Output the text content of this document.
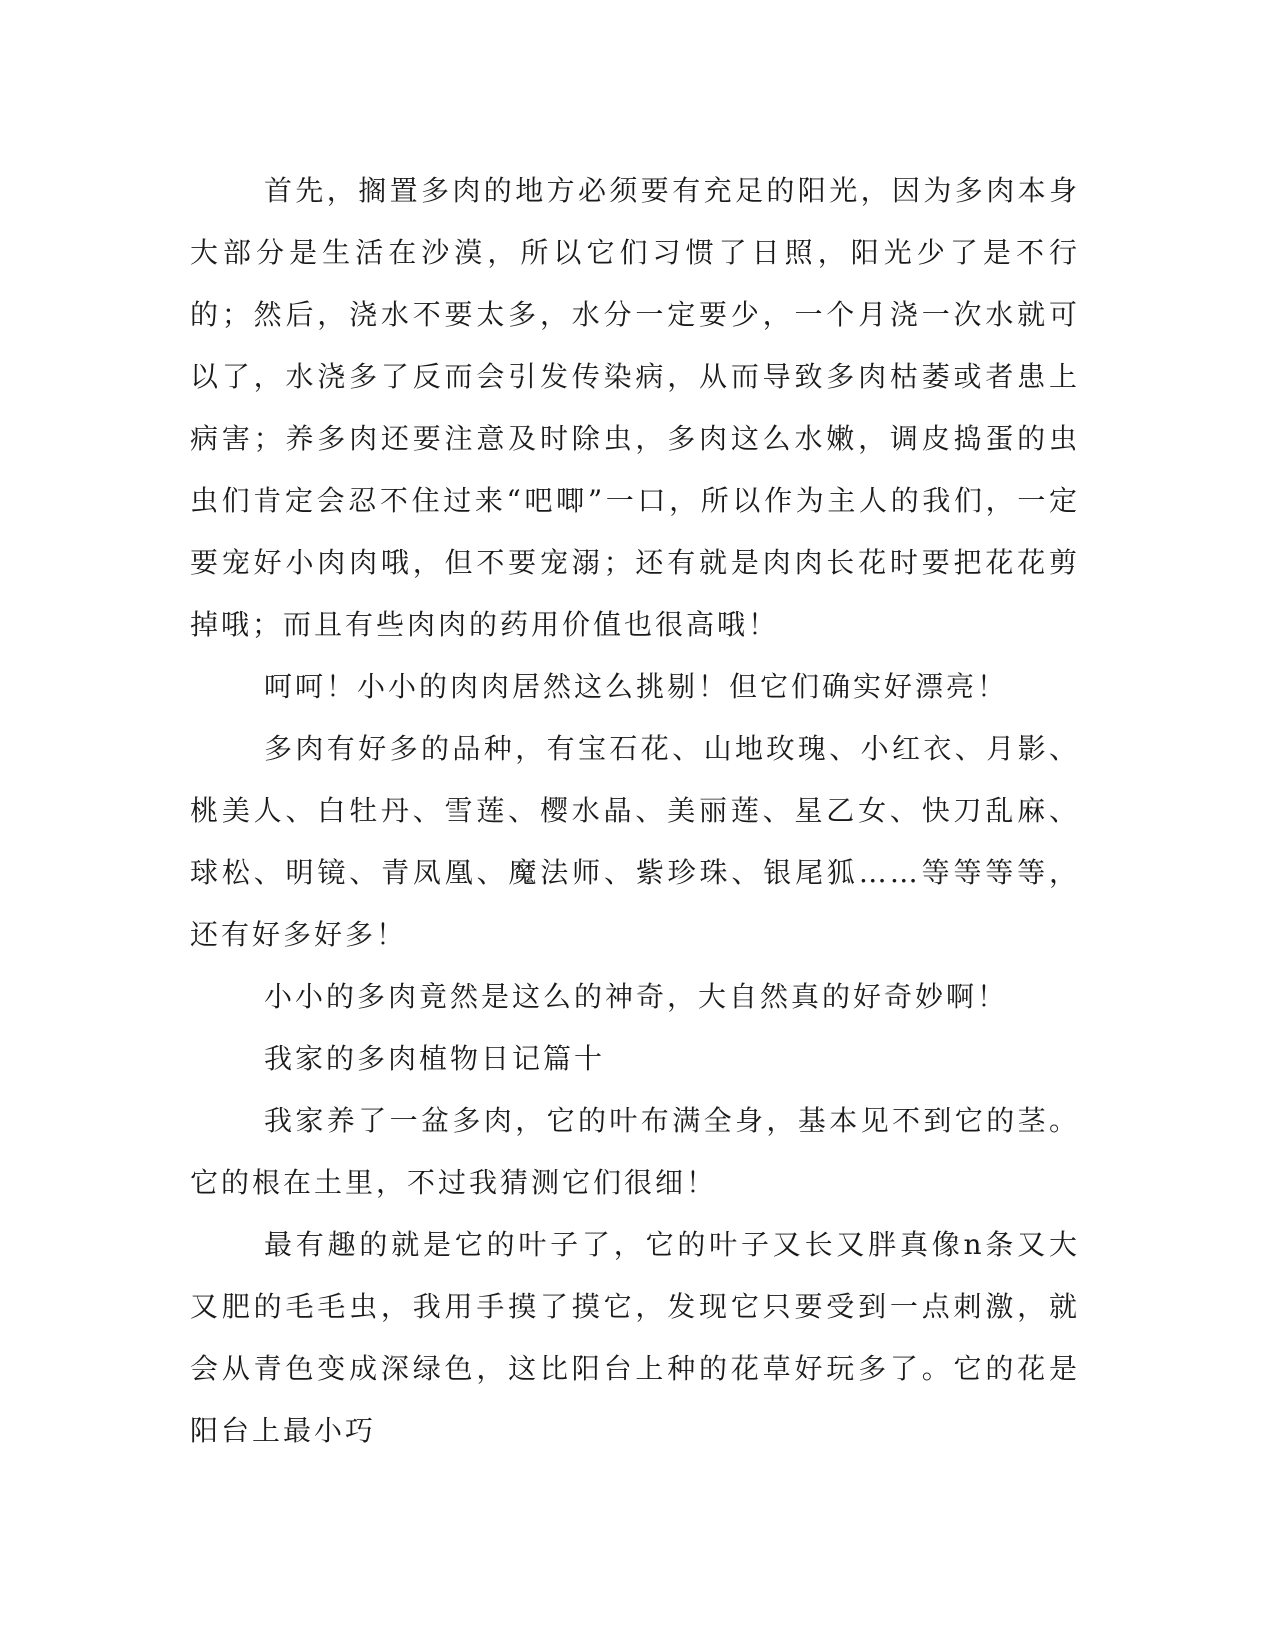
首先，搁置多肉的地方必须要有充足的阳光，因为多肉本身大部分是生活在沙漠，所以它们习惯了日照，阳光少了是不行的；然后，浇水不要太多，水分一定要少，一个月浇一次水就可以了，水浇多了反而会引发传染病，从而导致多肉枯萎或者患上病害；养多肉还要注意及时除虫，多肉这么水嫩，调皮捣蛋的虫虫们肯定会忍不住过来“吧唧”一口，所以作为主人的我们，一定要宠好小肉肉哦，但不要宠溺；还有就是肉肉长花时要把花花剪掉哦；而且有些肉肉的药用价值也很高哦！

呵呵！小小的肉肉居然这么挑剔！但它们确实好漂亮！

多肉有好多的品种，有宝石花、山地玫瑰、小红衣、月影、桃美人、白牡丹、雪莲、樱水晶、美丽莲、星乙女、快刀乱麻、球松、明镜、青凤凰、魔法师、紫珍珠、银尾狐……等等等等，还有好多好多！

小小的多肉竟然是这么的神奇，大自然真的好奇妙啊！

我家的多肉植物日记篇十

我家养了一盆多肉，它的叶布满全身，基本见不到它的茎。它的根在土里，不过我猜测它们很细！

最有趣的就是它的叶子了，它的叶子又长又胖真像n条又大又肥的毛毛虫，我用手摸了摸它，发现它只要受到一点刺激，就会从青色变成深绿色，这比阳台上种的花草好玩多了。它的花是阳台上最小巧
